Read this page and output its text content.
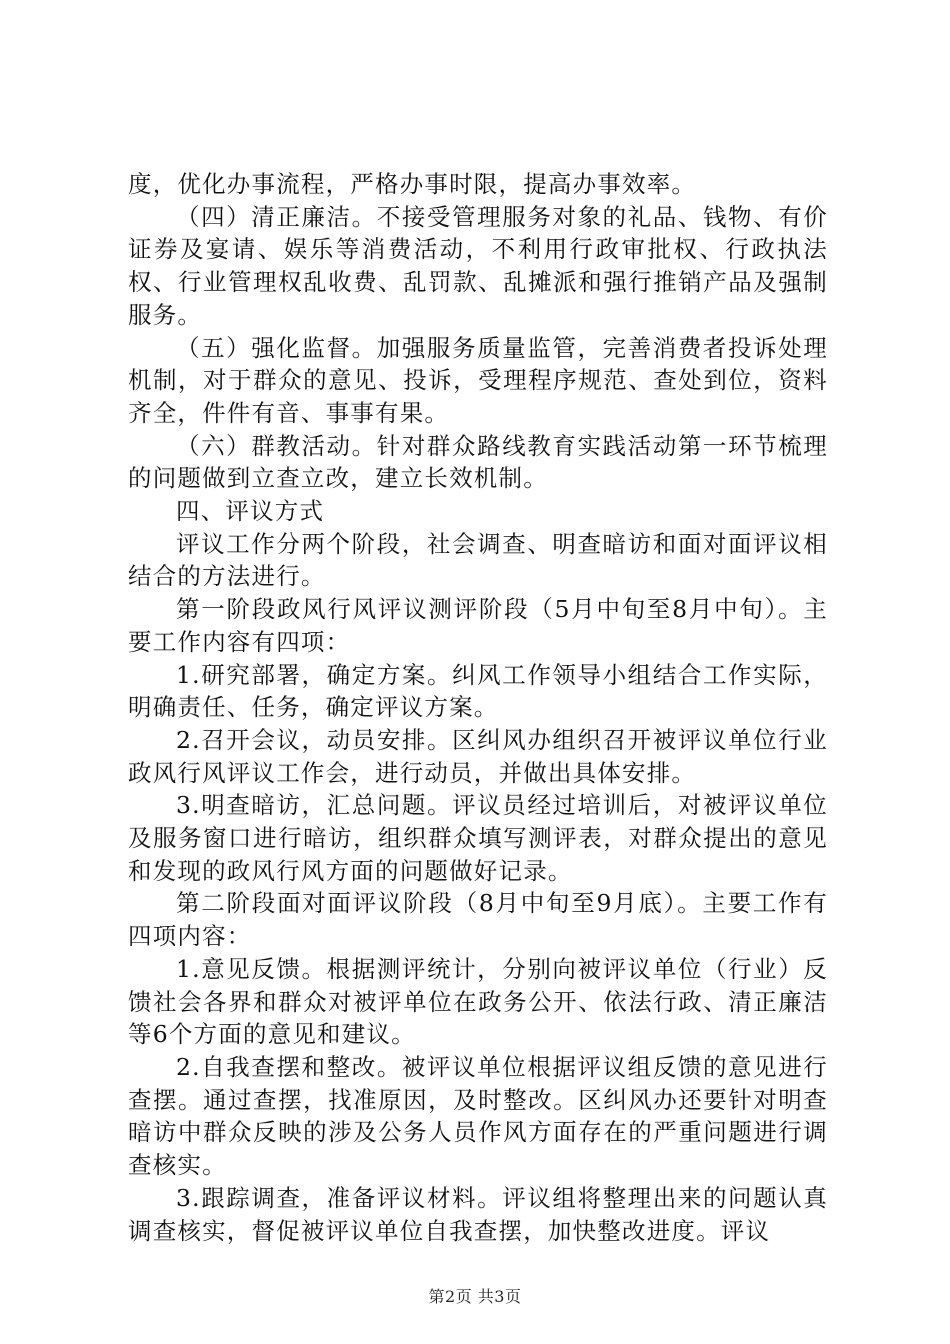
度，优化办事流程，严格办事时限，提高办事效率。

（四）清正廉洁。不接受管理服务对象的礼品、钱物、有价证券及宴请、娱乐等消费活动，不利用行政审批权、行政执法权、行业管理权乱收费、乱罚款、乱摊派和强行推销产品及强制服务。

（五）强化监督。加强服务质量监管，完善消费者投诉处理机制，对于群众的意见、投诉，受理程序规范、查处到位，资料齐全，件件有音、事事有果。

（六）群教活动。针对群众路线教育实践活动第一环节梳理的问题做到立查立改，建立长效机制。

四、评议方式

评议工作分两个阶段，社会调查、明查暗访和面对面评议相结合的方法进行。

第一阶段政风行风评议测评阶段（5月中旬至8月中旬）。主要工作内容有四项：

1.研究部署，确定方案。纠风工作领导小组结合工作实际，明确责任、任务，确定评议方案。

2.召开会议，动员安排。区纠风办组织召开被评议单位行业政风行风评议工作会，进行动员，并做出具体安排。

3.明查暗访，汇总问题。评议员经过培训后，对被评议单位及服务窗口进行暗访，组织群众填写测评表，对群众提出的意见和发现的政风行风方面的问题做好记录。

第二阶段面对面评议阶段（8月中旬至9月底）。主要工作有四项内容：

1.意见反馈。根据测评统计，分别向被评议单位（行业）反馈社会各界和群众对被评单位在政务公开、依法行政、清正廉洁等6个方面的意见和建议。

2.自我查摆和整改。被评议单位根据评议组反馈的意见进行查摆。通过查摆，找准原因，及时整改。区纠风办还要针对明查暗访中群众反映的涉及公务人员作风方面存在的严重问题进行调查核实。

3.跟踪调查，准备评议材料。评议组将整理出来的问题认真调查核实，督促被评议单位自我查摆，加快整改进度。评议

第2页 共3页
